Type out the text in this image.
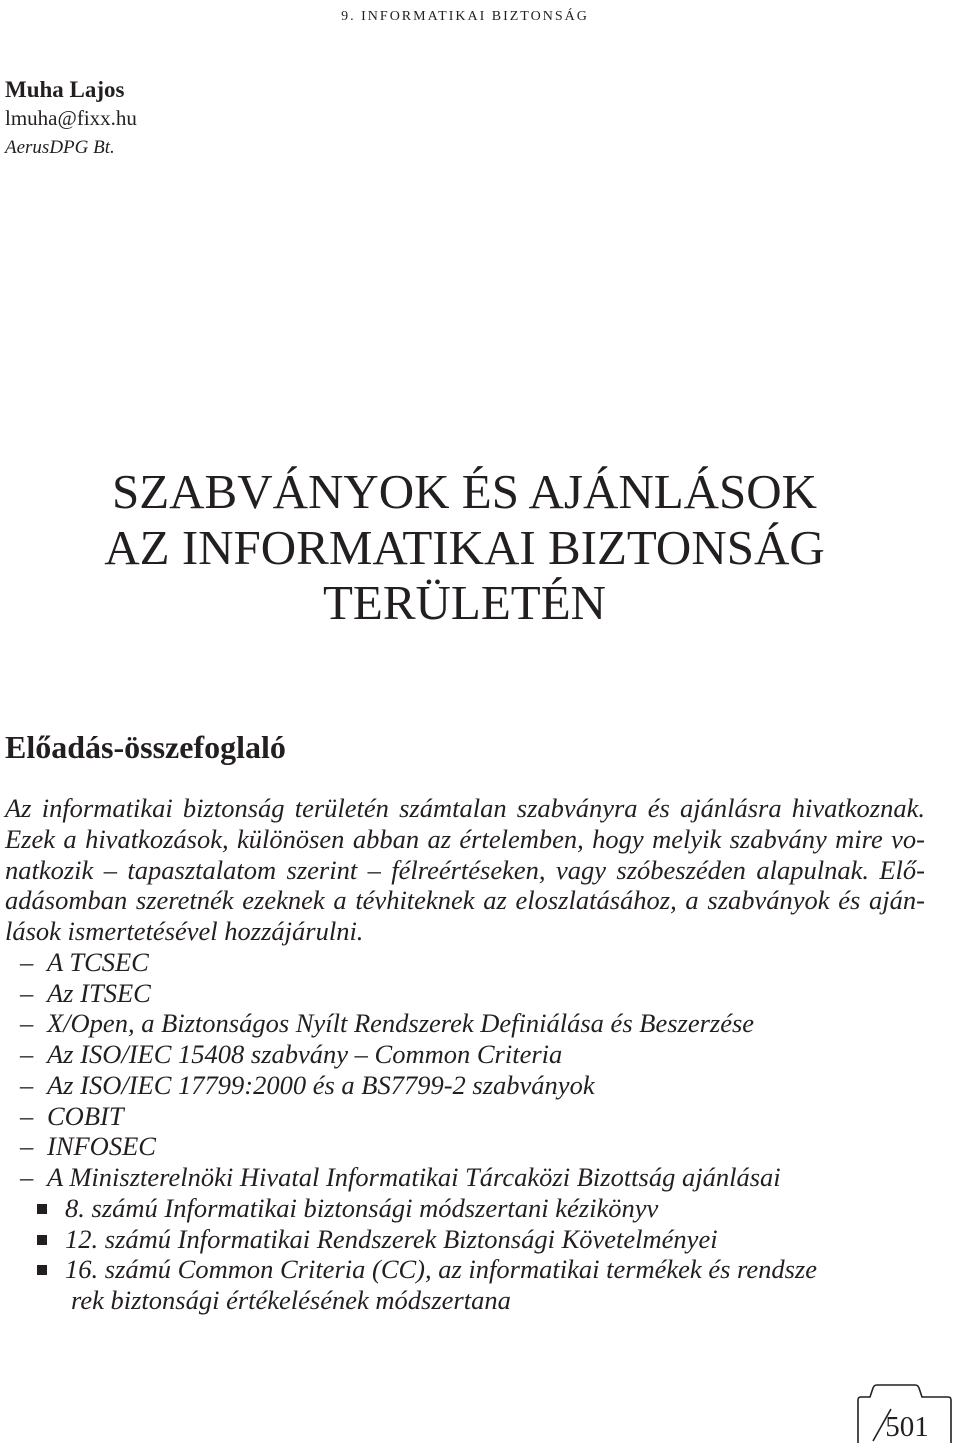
9. INFORMATIKAI BIZTONSÁG
Muha Lajos
lmuha@fixx.hu
AerusDPG Bt.
SZABVÁNYOK ÉS AJÁNLÁSOK
AZ INFORMATIKAI BIZTONSÁG
TERÜLETÉN
Előadás-összefoglaló
Az informatikai biztonság területén számtalan szabványra és ajánlásra hivatkoznak.
Ezek a hivatkozások, különösen abban az értelemben, hogy melyik szabvány mire vo-
natkozik – tapasztalatom szerint – félreértéseken, vagy szóbeszéden alapulnak. Elő-
adásomban szeretnék ezeknek a tévhiteknek az eloszlatásához, a szabványok és aján-
lások ismertetésével hozzájárulni.
– A TCSEC
– Az ITSEC
– X/Open, a Biztonságos Nyílt Rendszerek Definiálása és Beszerzése
– Az ISO/IEC 15408 szabvány – Common Criteria
– Az ISO/IEC 17799:2000 és a BS7799-2 szabványok
– COBIT
– INFOSEC
– A Miniszterelnöki Hivatal Informatikai Tárcaközi Bizottság ajánlásai
8. számú Informatikai biztonsági módszertani kézikönyv
12. számú Informatikai Rendszerek Biztonsági Követelményei
16. számú Common Criteria (CC), az informatikai termékek és rendsze
rek biztonsági értékelésének módszertana
501
